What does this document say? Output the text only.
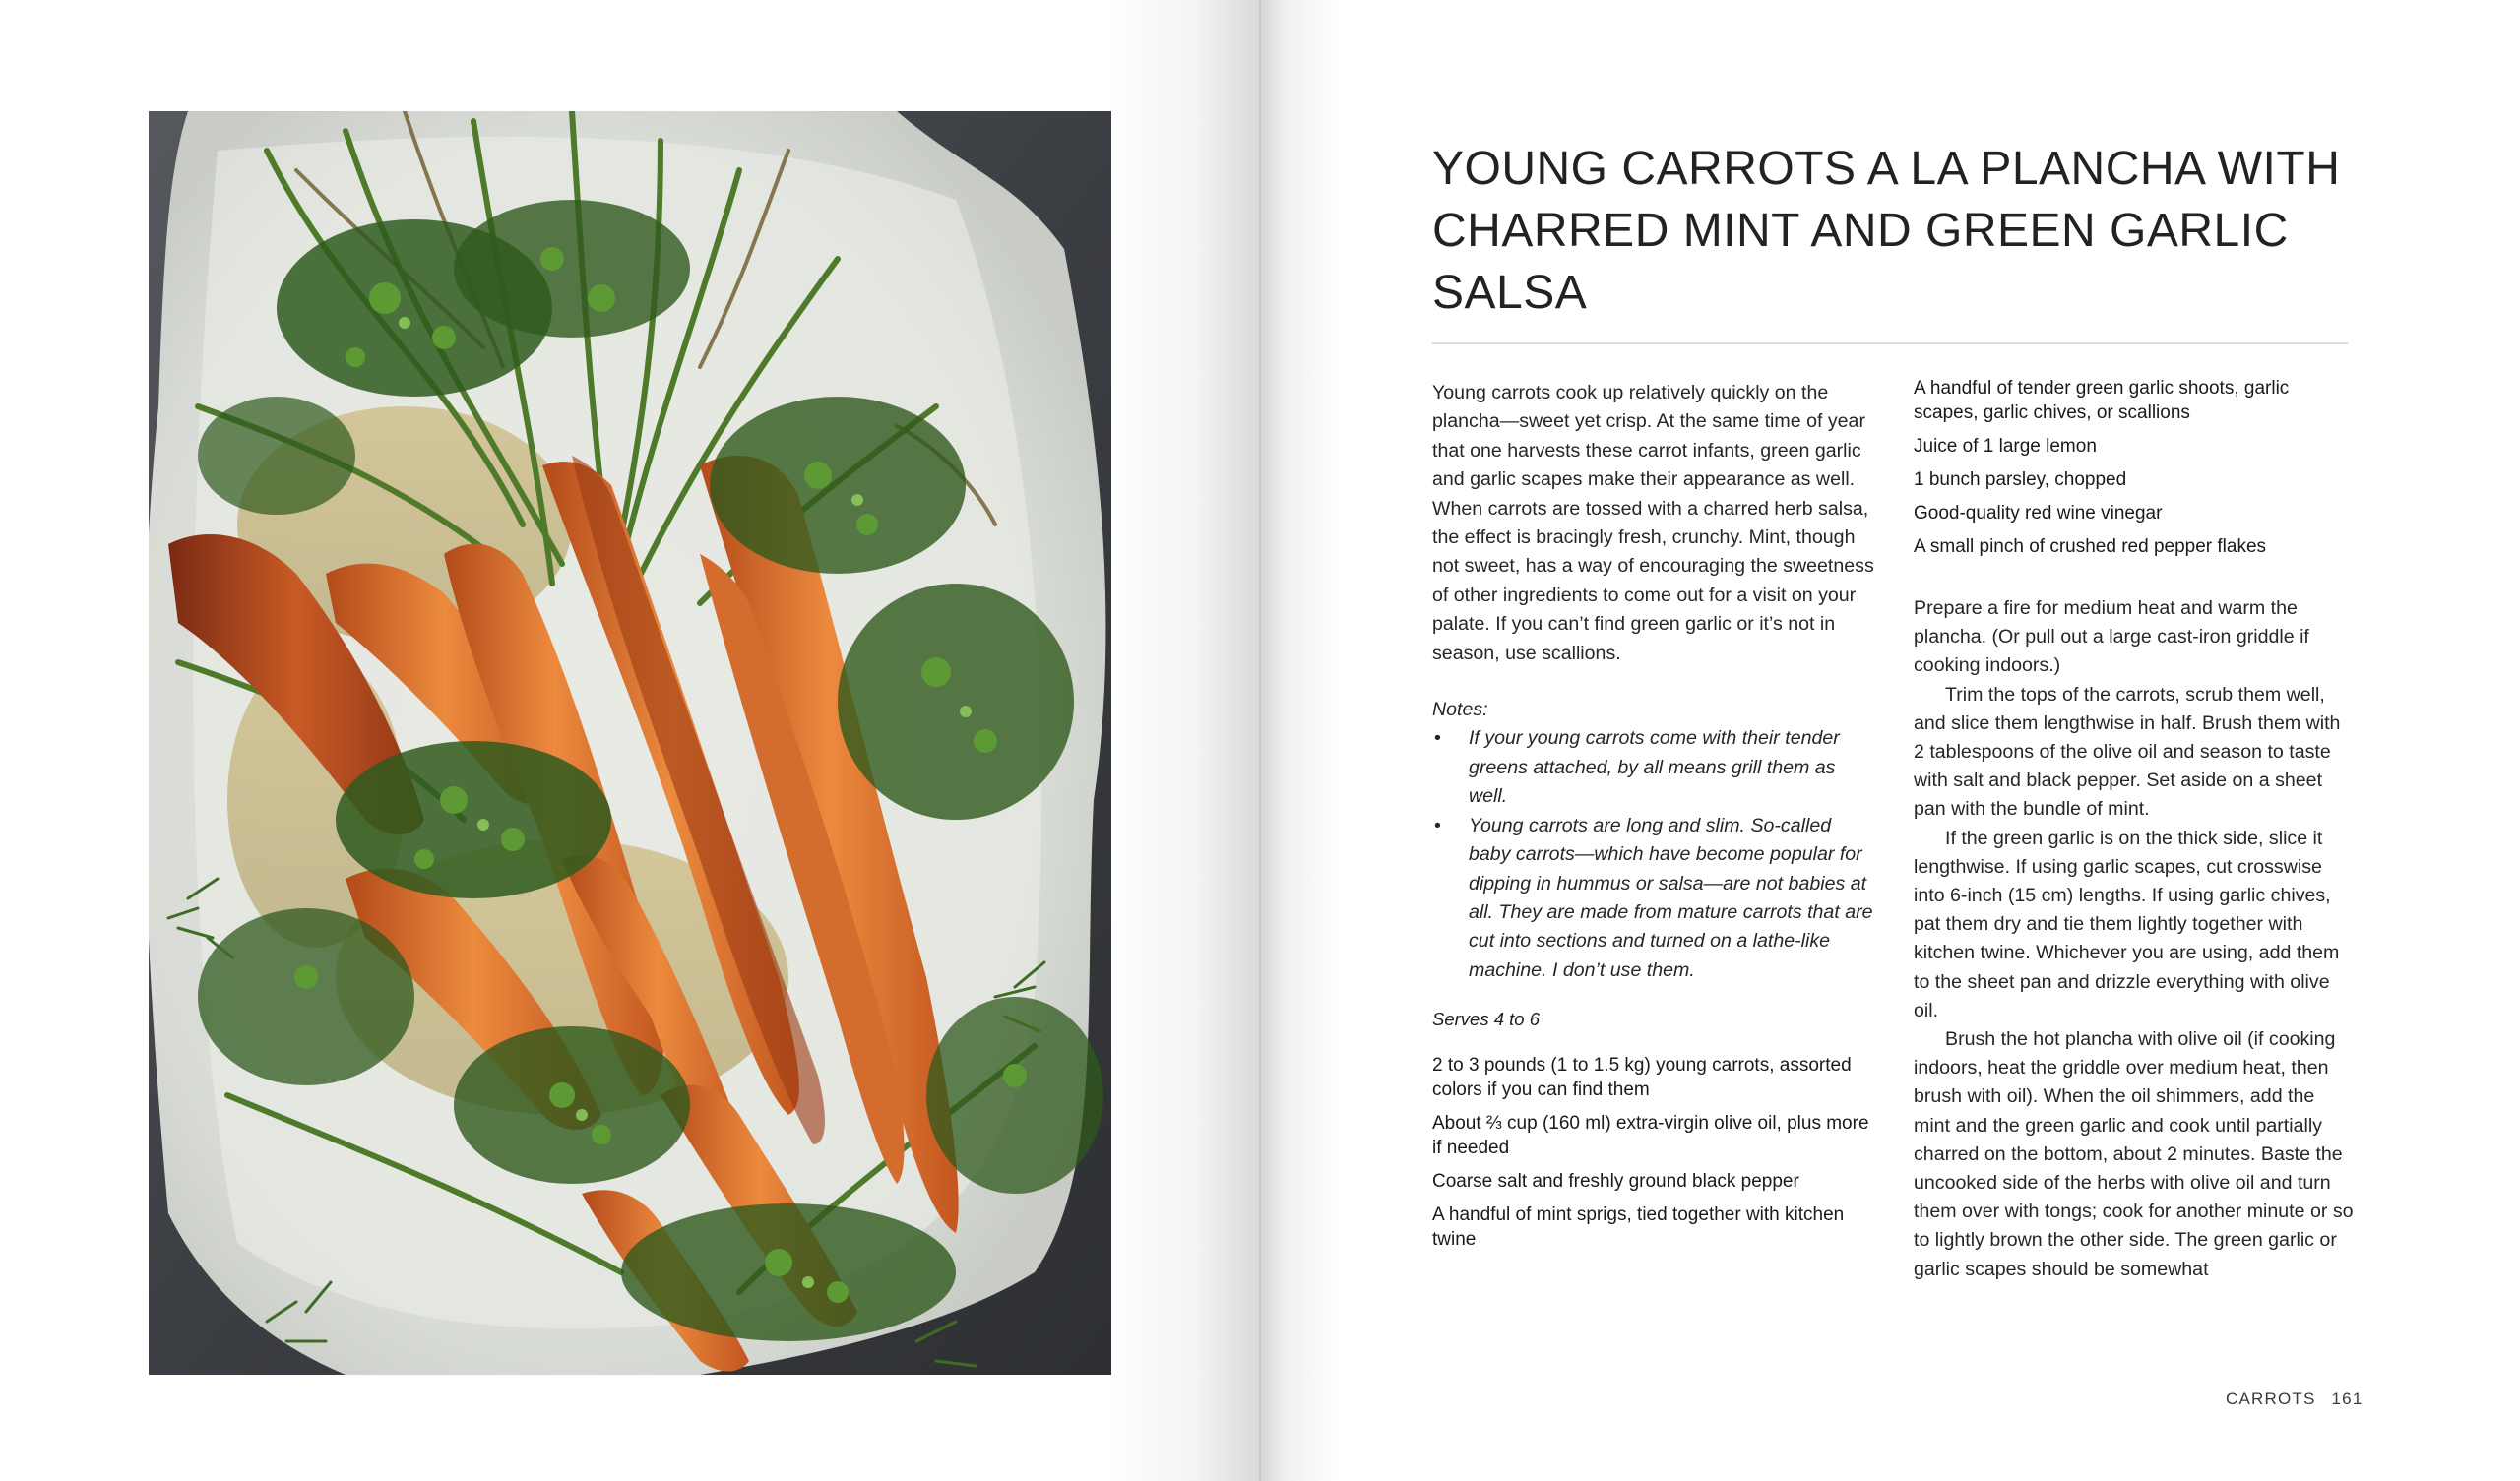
YOUNG CARROTS A LA PLANCHA WITH CHARRED MINT AND GREEN GARLIC SALSA

Young carrots cook up relatively quickly on the plancha—sweet yet crisp. At the same time of year that one harvests these carrot infants, green garlic and garlic scapes make their appearance as well. When carrots are tossed with a charred herb salsa, the effect is bracingly fresh, crunchy. Mint, though not sweet, has a way of encouraging the sweetness of other ingredients to come out for a visit on your palate. If you can’t find green garlic or it’s not in season, use scallions.

Notes:

• If your young carrots come with their tender greens attached, by all means grill them as well.
• Young carrots are long and slim. So-called baby carrots—which have become popular for dipping in hummus or salsa—are not babies at all. They are made from mature carrots that are cut into sections and turned on a lathe-like machine. I don’t use them.

Serves 4 to 6

2 to 3 pounds (1 to 1.5 kg) young carrots, assorted colors if you can find them
About ⅔ cup (160 ml) extra-virgin olive oil, plus more if needed
Coarse salt and freshly ground black pepper
A handful of mint sprigs, tied together with kitchen twine
A handful of tender green garlic shoots, garlic scapes, garlic chives, or scallions
Juice of 1 large lemon
1 bunch parsley, chopped
Good-quality red wine vinegar
A small pinch of crushed red pepper flakes

Prepare a fire for medium heat and warm the plancha. (Or pull out a large cast-iron griddle if cooking indoors.)

Trim the tops of the carrots, scrub them well, and slice them lengthwise in half. Brush them with 2 tablespoons of the olive oil and season to taste with salt and black pepper. Set aside on a sheet pan with the bundle of mint.

If the green garlic is on the thick side, slice it lengthwise. If using garlic scapes, cut crosswise into 6-inch (15 cm) lengths. If using garlic chives, pat them dry and tie them lightly together with kitchen twine. Whichever you are using, add them to the sheet pan and drizzle everything with olive oil.

Brush the hot plancha with olive oil (if cooking indoors, heat the griddle over medium heat, then brush with oil). When the oil shimmers, add the mint and the green garlic and cook until partially charred on the bottom, about 2 minutes. Baste the uncooked side of the herbs with olive oil and turn them over with tongs; cook for another minute or so to lightly brown the other side. The green garlic or garlic scapes should be somewhat

CARROTS 161
